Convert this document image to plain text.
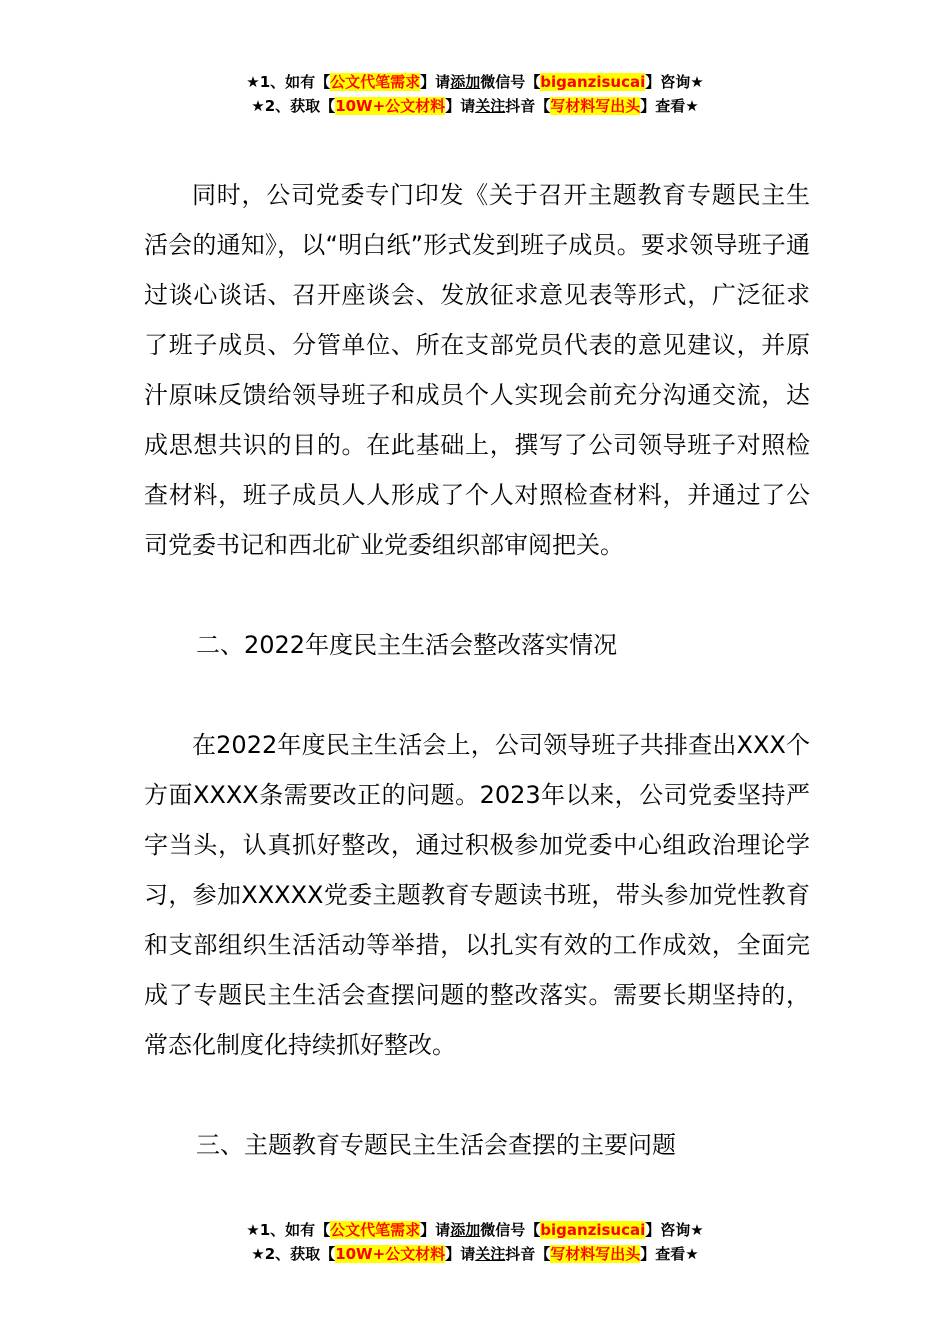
★1、如有【公文代笔需求】请添加微信号【biganzisucai】咨询★
★2、获取【10W+公文材料】请关注抖音【写材料写出头】查看★

同时，公司党委专门印发《关于召开主题教育专题民主生活会的通知》，以“明白纸”形式发到班子成员。要求领导班子通过谈心谈话、召开座谈会、发放征求意见表等形式，广泛征求了班子成员、分管单位、所在支部党员代表的意见建议，并原汁原味反馈给领导班子和成员个人实现会前充分沟通交流，达成思想共识的目的。在此基础上，撰写了公司领导班子对照检查材料，班子成员人人形成了个人对照检查材料，并通过了公司党委书记和西北矿业党委组织部审阅把关。

二、2022年度民主生活会整改落实情况

在2022年度民主生活会上，公司领导班子共排查出XXX个方面XXXX条需要改正的问题。2023年以来，公司党委坚持严字当头，认真抓好整改，通过积极参加党委中心组政治理论学习，参加XXXXX党委主题教育专题读书班，带头参加党性教育和支部组织生活活动等举措，以扎实有效的工作成效，全面完成了专题民主生活会查摆问题的整改落实。需要长期坚持的，常态化制度化持续抓好整改。

三、主题教育专题民主生活会查摆的主要问题

★1、如有【公文代笔需求】请添加微信号【biganzisucai】咨询★
★2、获取【10W+公文材料】请关注抖音【写材料写出头】查看★
